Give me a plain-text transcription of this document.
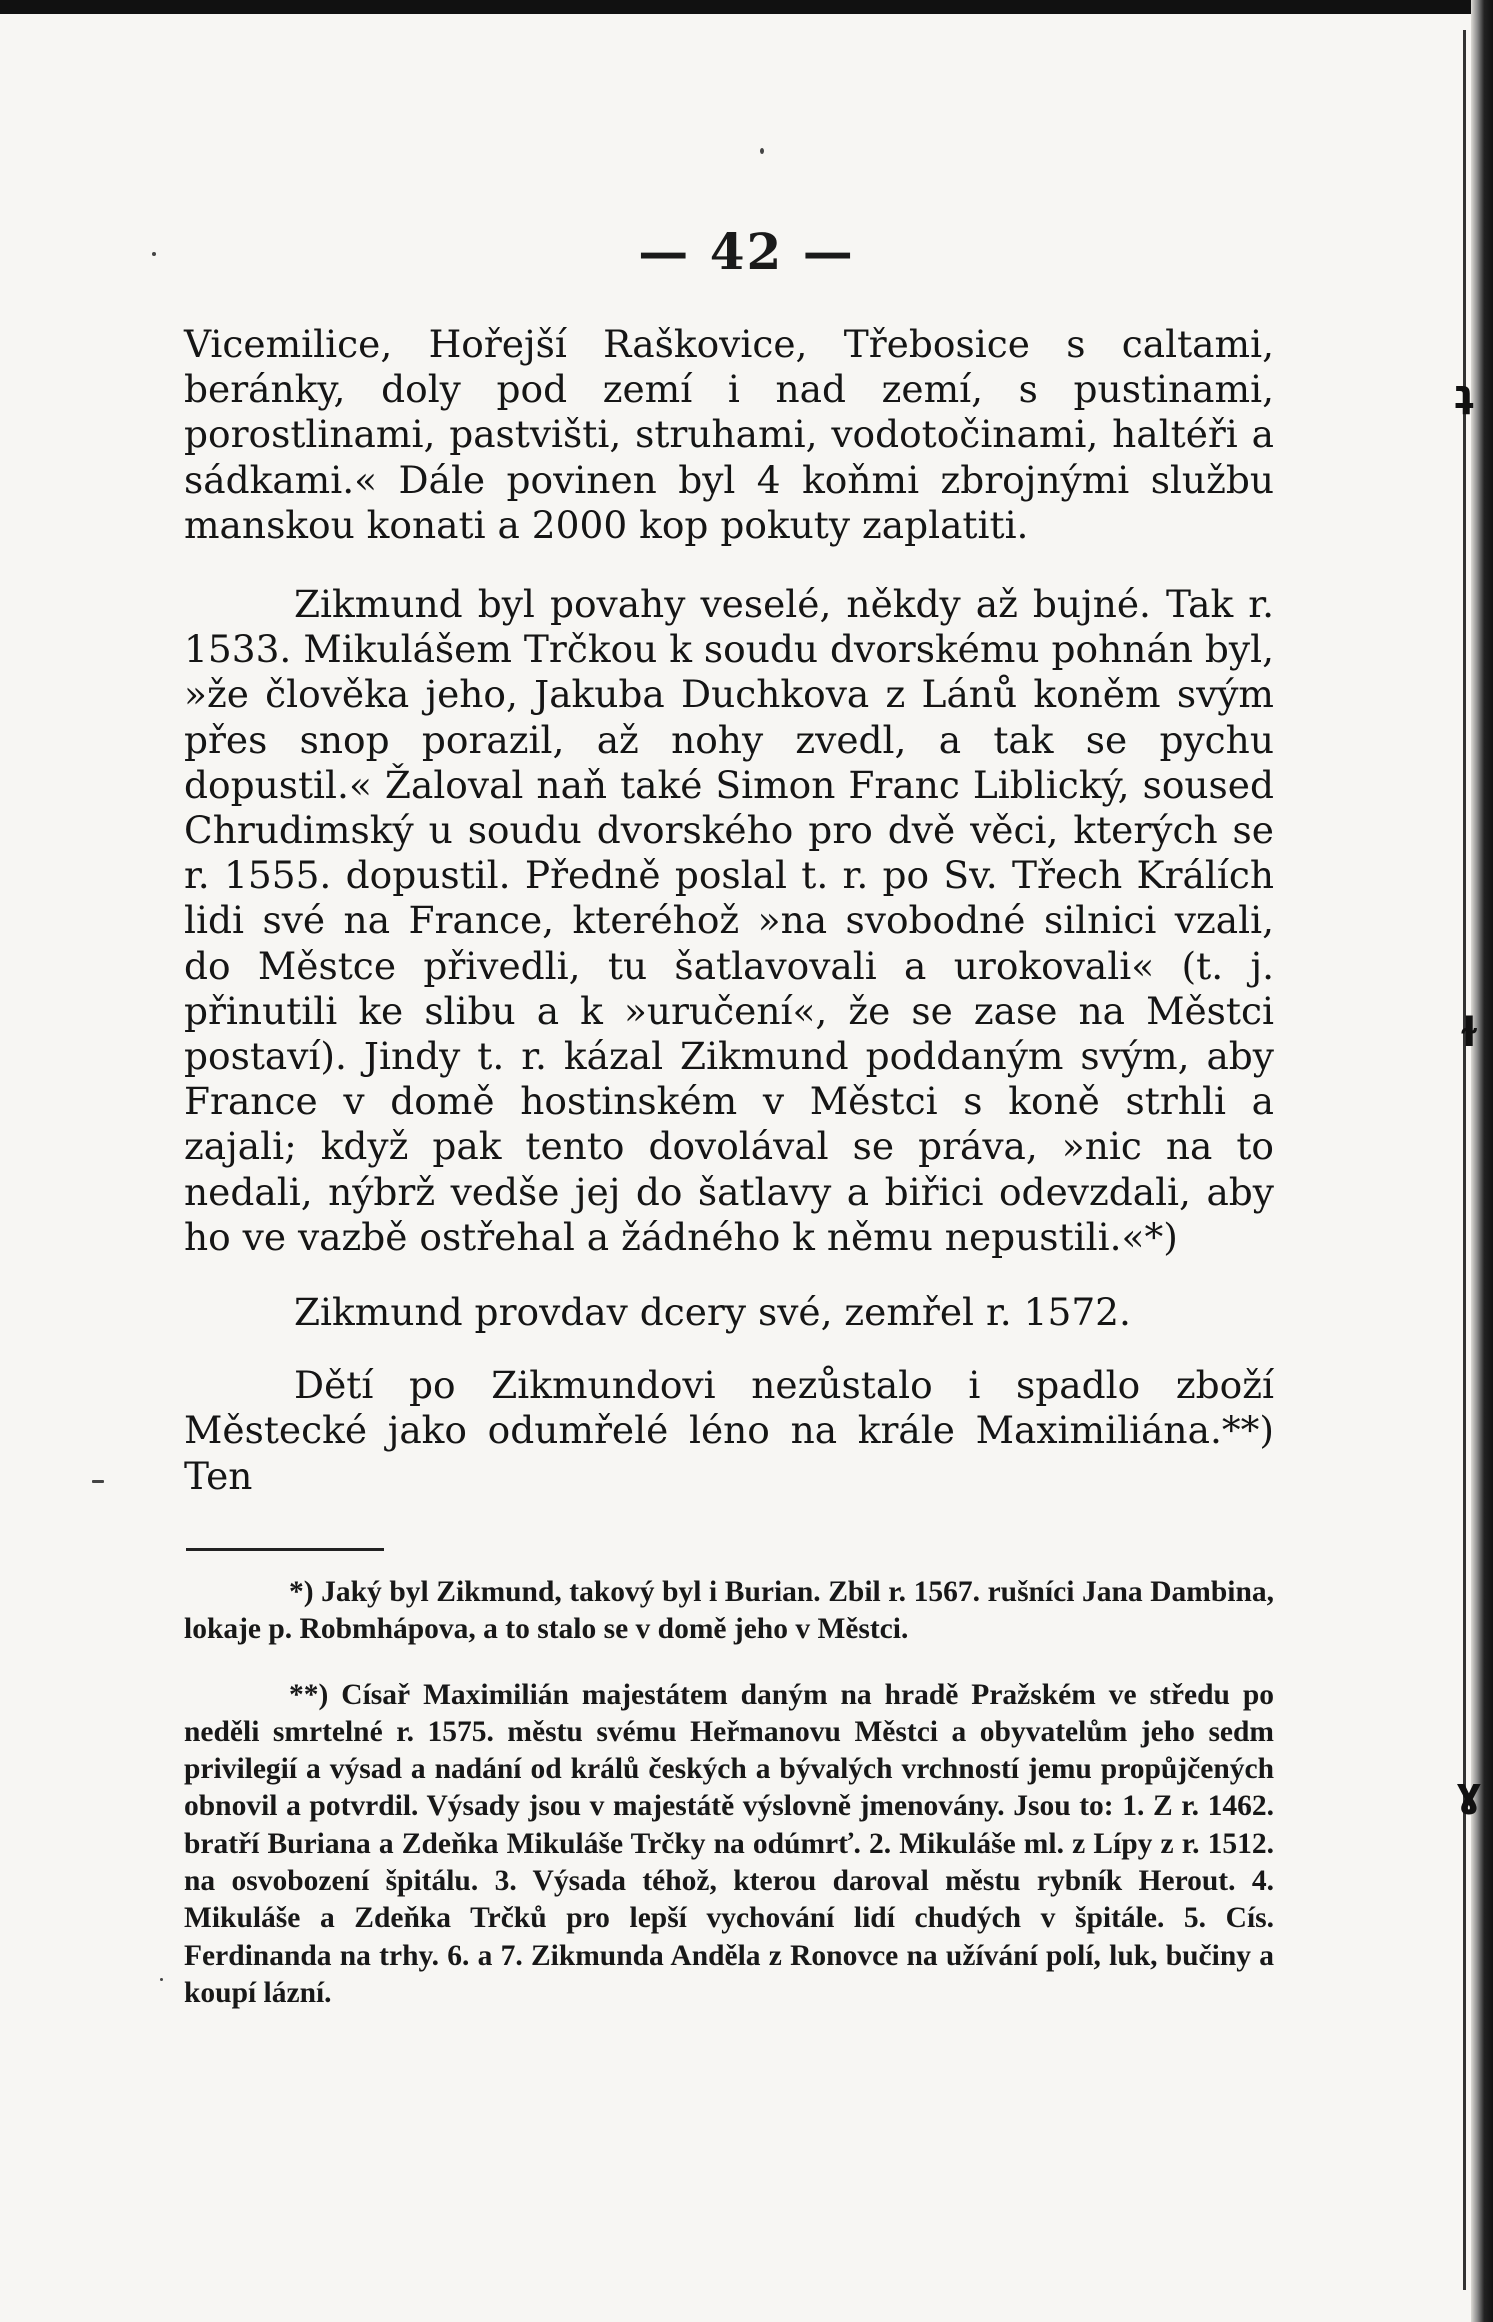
ʇ
ɫ
ɣ
— 42 —

Vicemilice, Hořejší Raškovice, Třebosice s caltami, beránky, doly pod zemí i nad zemí, s pustinami, porostlinami, pastvišti, struhami, vodotočinami, haltéři a sádkami.« Dále povinen byl 4 koňmi zbrojnými službu manskou konati a 2000 kop pokuty zaplatiti.

Zikmund byl povahy veselé, někdy až bujné. Tak r. 1533. Mikulášem Trčkou k soudu dvorskému pohnán byl, »že člověka jeho, Jakuba Duchkova z Lánů koněm svým přes snop porazil, až nohy zvedl, a tak se pychu dopustil.« Žaloval naň také Simon Franc Liblický, soused Chrudimský u soudu dvorského pro dvě věci, kterých se r. 1555. dopustil. Předně poslal t. r. po Sv. Třech Králích lidi své na France, kteréhož »na svobodné silnici vzali, do Městce přivedli, tu šatlavovali a urokovali« (t. j. přinutili ke slibu a k »uručení«, že se zase na Městci postaví). Jindy t. r. kázal Zikmund poddaným svým, aby France v domě hostinském v Městci s koně strhli a zajali; když pak tento dovolával se práva, »nic na to nedali, nýbrž vedše jej do šatlavy a biřici odevzdali, aby ho ve vazbě ostřehal a žádného k němu nepustili.«*)

Zikmund provdav dcery své, zemřel r. 1572.

Dětí po Zikmundovi nezůstalo i spadlo zboží Městecké jako odumřelé léno na krále Maximiliána.**) Ten

*) Jaký byl Zikmund, takový byl i Burian. Zbil r. 1567. rušníci Jana Dambina, lokaje p. Robmhápova, a to stalo se v domě jeho v Městci.

**) Císař Maximilián majestátem daným na hradě Pražském ve středu po neděli smrtelné r. 1575. městu svému Heřmanovu Městci a obyvatelům jeho sedm privilegií a výsad a nadání od králů českých a bývalých vrchností jemu propůjčených obnovil a potvrdil. Výsady jsou v majestátě výslovně jmenovány. Jsou to: 1. Z r. 1462. bratří Buriana a Zdeňka Mikuláše Trčky na odúmrť. 2. Mikuláše ml. z Lípy z r. 1512. na osvobození špitálu. 3. Výsada téhož, kterou daroval městu rybník Herout. 4. Mikuláše a Zdeňka Trčků pro lepší vychování lidí chudých v špitále. 5. Cís. Ferdinanda na trhy. 6. a 7. Zikmunda Anděla z Ronovce na užívání polí, luk, bučiny a koupí lázní.
